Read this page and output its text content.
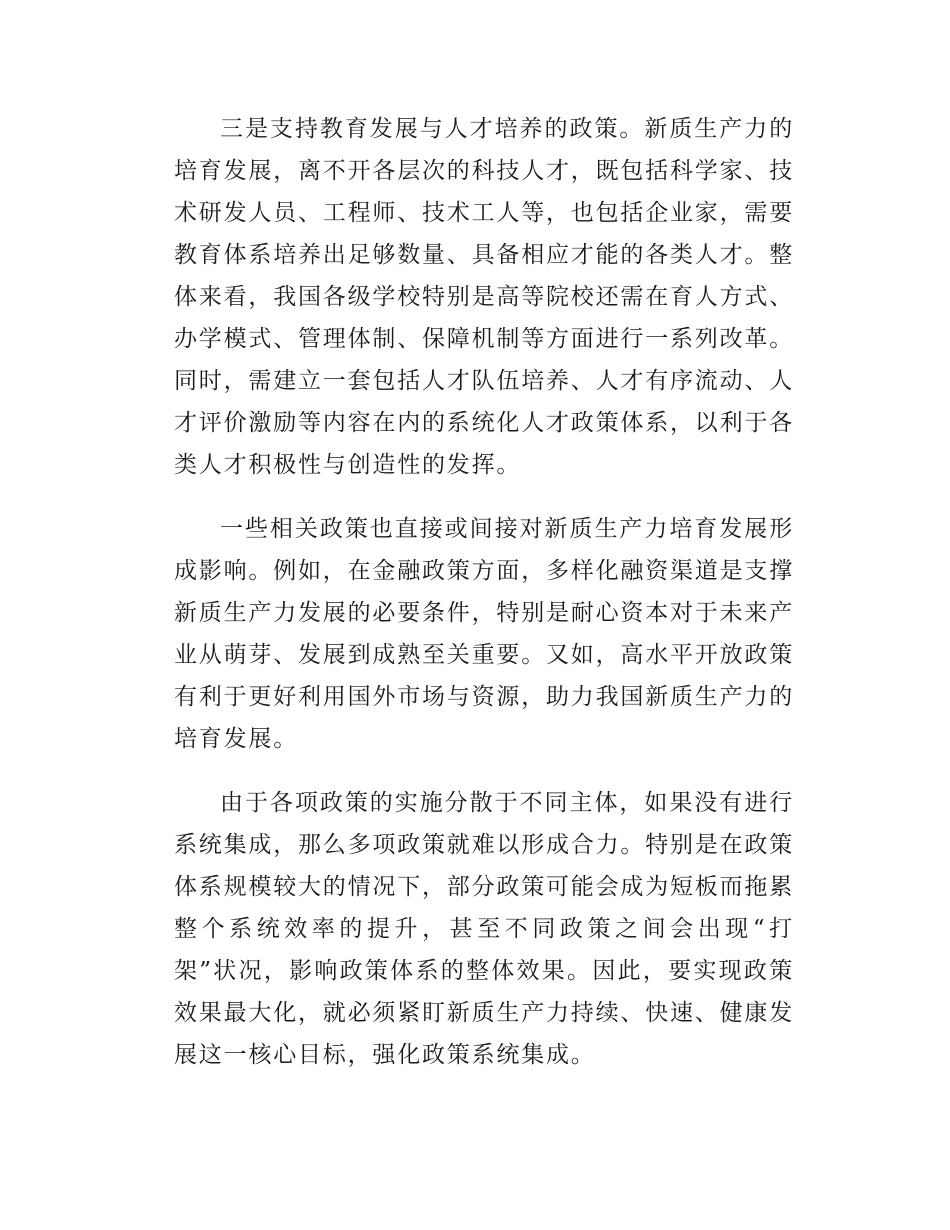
三是支持教育发展与人才培养的政策。新质生产力的培育发展，离不开各层次的科技人才，既包括科学家、技术研发人员、工程师、技术工人等，也包括企业家，需要教育体系培养出足够数量、具备相应才能的各类人才。整体来看，我国各级学校特别是高等院校还需在育人方式、办学模式、管理体制、保障机制等方面进行一系列改革。同时，需建立一套包括人才队伍培养、人才有序流动、人才评价激励等内容在内的系统化人才政策体系，以利于各类人才积极性与创造性的发挥。

一些相关政策也直接或间接对新质生产力培育发展形成影响。例如，在金融政策方面，多样化融资渠道是支撑新质生产力发展的必要条件，特别是耐心资本对于未来产业从萌芽、发展到成熟至关重要。又如，高水平开放政策有利于更好利用国外市场与资源，助力我国新质生产力的培育发展。

由于各项政策的实施分散于不同主体，如果没有进行系统集成，那么多项政策就难以形成合力。特别是在政策体系规模较大的情况下，部分政策可能会成为短板而拖累整个系统效率的提升，甚至不同政策之间会出现“打架”状况，影响政策体系的整体效果。因此，要实现政策效果最大化，就必须紧盯新质生产力持续、快速、健康发展这一核心目标，强化政策系统集成。
